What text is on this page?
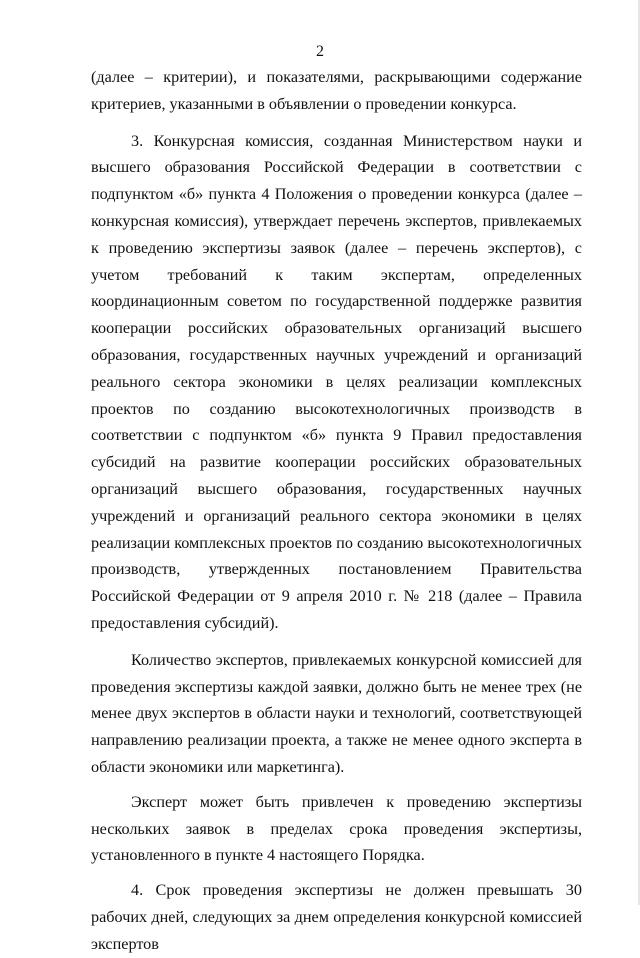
2

(далее – критерии), и показателями, раскрывающими содержание критериев, указанными в объявлении о проведении конкурса.

3. Конкурсная комиссия, созданная Министерством науки и высшего образования Российской Федерации в соответствии с подпунктом «б» пункта 4 Положения о проведении конкурса (далее – конкурсная комиссия), утверждает перечень экспертов, привлекаемых к проведению экспертизы заявок (далее – перечень экспертов), с учетом требований к таким экспертам, определенных координационным советом по государственной поддержке развития кооперации российских образовательных организаций высшего образования, государственных научных учреждений и организаций реального сектора экономики в целях реализации комплексных проектов по созданию высокотехнологичных производств в соответствии с подпунктом «б» пункта 9 Правил предоставления субсидий на развитие кооперации российских образовательных организаций высшего образования, государственных научных учреждений и организаций реального сектора экономики в целях реализации комплексных проектов по созданию высокотехнологичных производств, утвержденных постановлением Правительства Российской Федерации от 9 апреля 2010 г. № 218 (далее – Правила предоставления субсидий).

Количество экспертов, привлекаемых конкурсной комиссией для проведения экспертизы каждой заявки, должно быть не менее трех (не менее двух экспертов в области науки и технологий, соответствующей направлению реализации проекта, а также не менее одного эксперта в области экономики или маркетинга).

Эксперт может быть привлечен к проведению экспертизы нескольких заявок в пределах срока проведения экспертизы, установленного в пункте 4 настоящего Порядка.

4. Срок проведения экспертизы не должен превышать 30 рабочих дней, следующих за днем определения конкурсной комиссией экспертов
